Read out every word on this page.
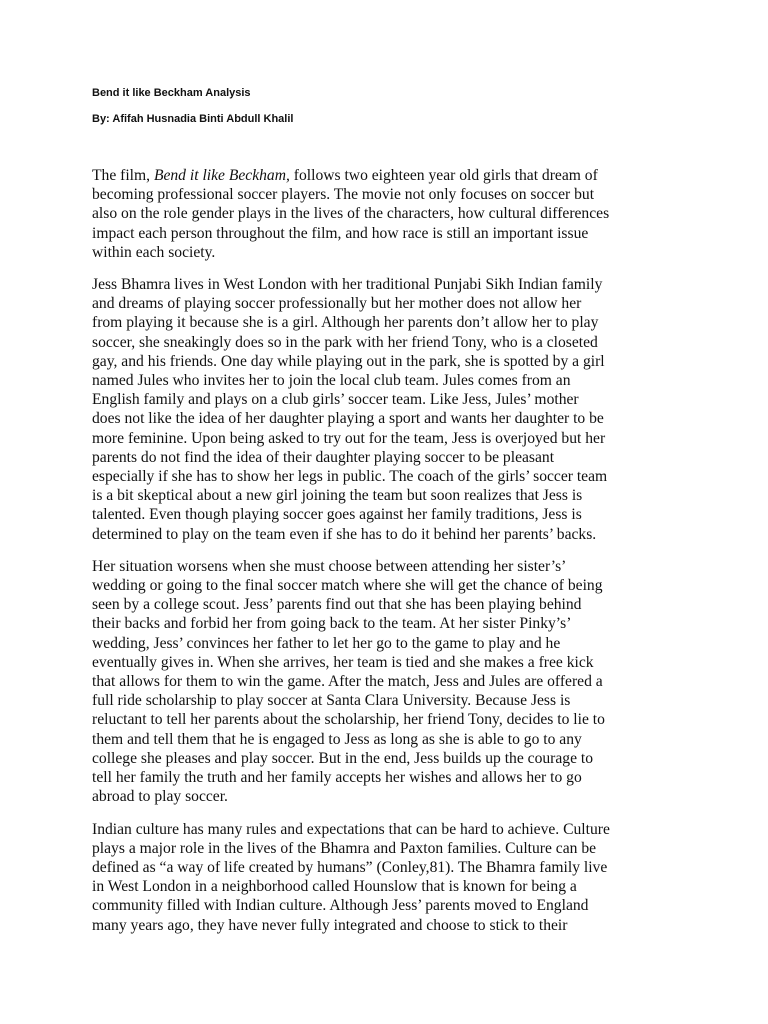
Bend it like Beckham Analysis
By: Afifah Husnadia Binti Abdull Khalil

The film, Bend it like Beckham, follows two eighteen year old girls that dream of
becoming professional soccer players. The movie not only focuses on soccer but
also on the role gender plays in the lives of the characters, how cultural differences
impact each person throughout the film, and how race is still an important issue
within each society.

Jess Bhamra lives in West London with her traditional Punjabi Sikh Indian family
and dreams of playing soccer professionally but her mother does not allow her
from playing it because she is a girl. Although her parents don’t allow her to play
soccer, she sneakingly does so in the park with her friend Tony, who is a closeted
gay, and his friends. One day while playing out in the park, she is spotted by a girl
named Jules who invites her to join the local club team. Jules comes from an
English family and plays on a club girls’ soccer team. Like Jess, Jules’ mother
does not like the idea of her daughter playing a sport and wants her daughter to be
more feminine. Upon being asked to try out for the team, Jess is overjoyed but her
parents do not find the idea of their daughter playing soccer to be pleasant
especially if she has to show her legs in public. The coach of the girls’ soccer team
is a bit skeptical about a new girl joining the team but soon realizes that Jess is
talented. Even though playing soccer goes against her family traditions, Jess is
determined to play on the team even if she has to do it behind her parents’ backs.

Her situation worsens when she must choose between attending her sister’s’
wedding or going to the final soccer match where she will get the chance of being
seen by a college scout. Jess’ parents find out that she has been playing behind
their backs and forbid her from going back to the team. At her sister Pinky’s’
wedding, Jess’ convinces her father to let her go to the game to play and he
eventually gives in. When she arrives, her team is tied and she makes a free kick
that allows for them to win the game. After the match, Jess and Jules are offered a
full ride scholarship to play soccer at Santa Clara University. Because Jess is
reluctant to tell her parents about the scholarship, her friend Tony, decides to lie to
them and tell them that he is engaged to Jess as long as she is able to go to any
college she pleases and play soccer. But in the end, Jess builds up the courage to
tell her family the truth and her family accepts her wishes and allows her to go
abroad to play soccer.

Indian culture has many rules and expectations that can be hard to achieve. Culture
plays a major role in the lives of the Bhamra and Paxton families. Culture can be
defined as “a way of life created by humans” (Conley,81). The Bhamra family live
in West London in a neighborhood called Hounslow that is known for being a
community filled with Indian culture. Although Jess’ parents moved to England
many years ago, they have never fully integrated and choose to stick to their
